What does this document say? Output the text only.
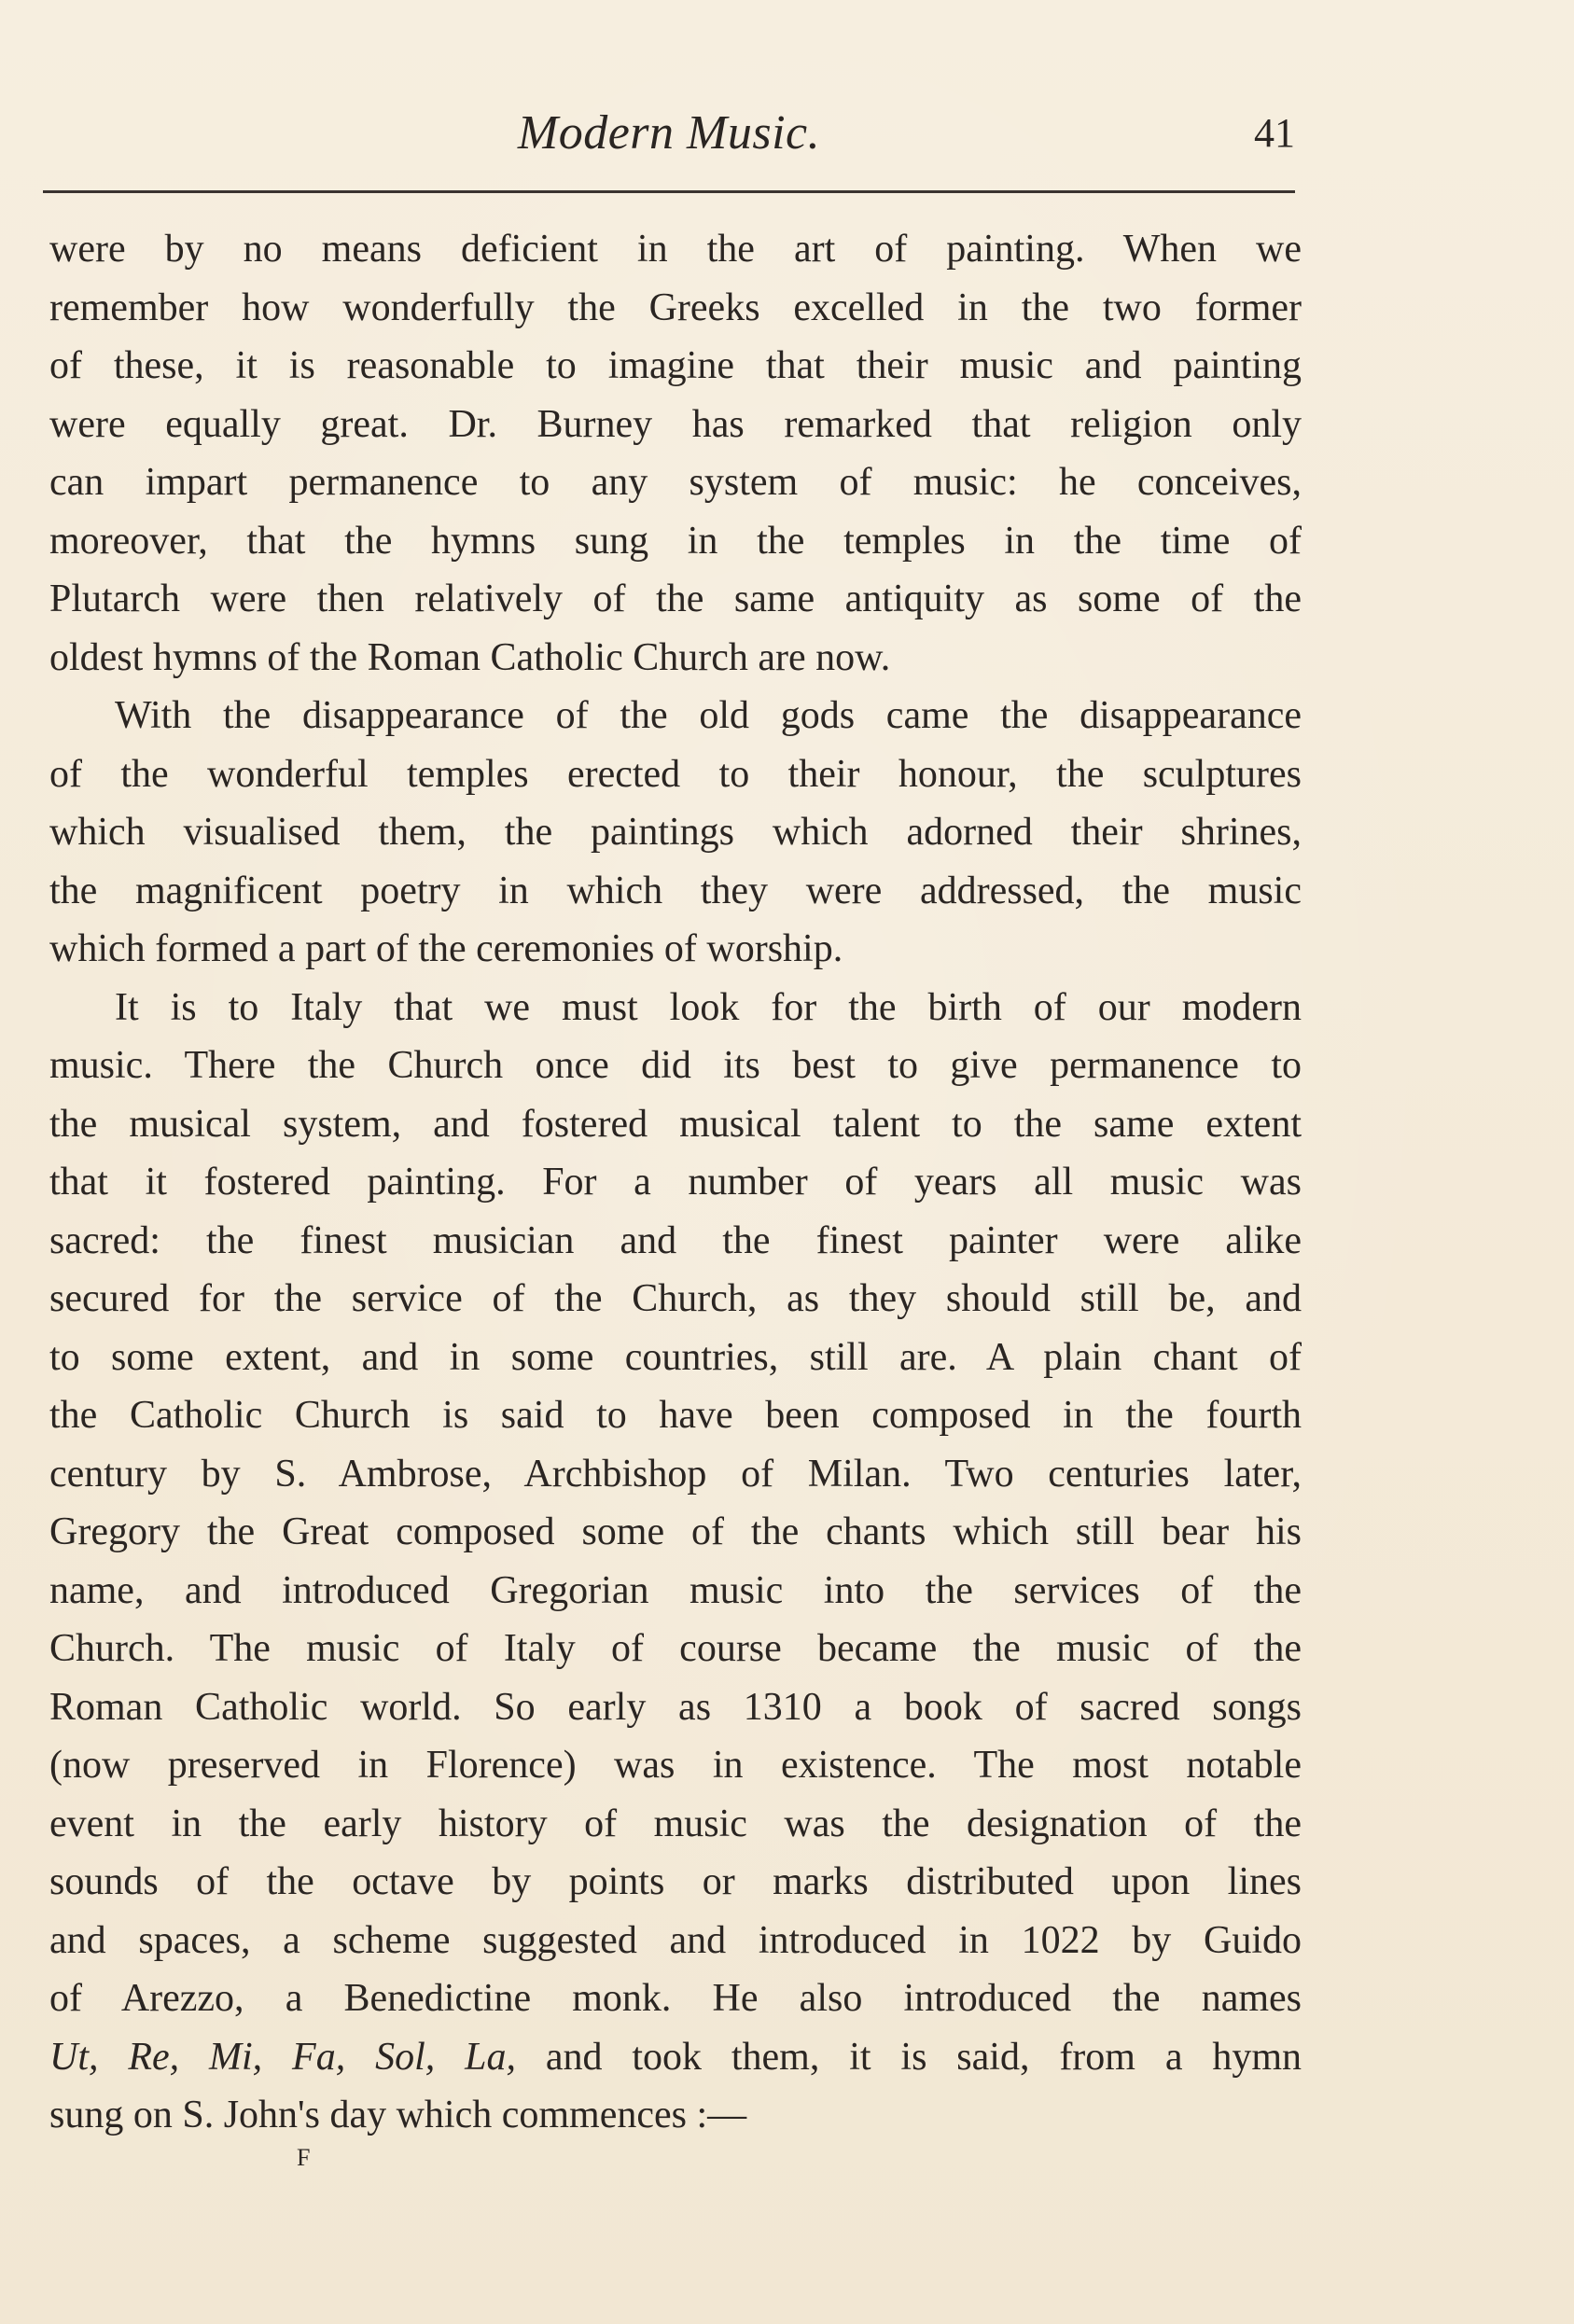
Modern Music.	41
were by no means deficient in the art of painting. When we
remember how wonderfully the Greeks excelled in the two former
of these, it is reasonable to imagine that their music and painting
were equally great. Dr. Burney has remarked that religion only
can impart permanence to any system of music: he conceives,
moreover, that the hymns sung in the temples in the time of
Plutarch were then relatively of the same antiquity as some of the
oldest hymns of the Roman Catholic Church are now.
With the disappearance of the old gods came the disappearance
of the wonderful temples erected to their honour, the sculptures
which visualised them, the paintings which adorned their shrines,
the magnificent poetry in which they were addressed, the music
which formed a part of the ceremonies of worship.
It is to Italy that we must look for the birth of our modern
music. There the Church once did its best to give permanence to
the musical system, and fostered musical talent to the same extent
that it fostered painting. For a number of years all music was
sacred: the finest musician and the finest painter were alike
secured for the service of the Church, as they should still be, and
to some extent, and in some countries, still are. A plain chant of
the Catholic Church is said to have been composed in the fourth
century by S. Ambrose, Archbishop of Milan. Two centuries later,
Gregory the Great composed some of the chants which still bear his
name, and introduced Gregorian music into the services of the
Church. The music of Italy of course became the music of the
Roman Catholic world. So early as 1310 a book of sacred songs
(now preserved in Florence) was in existence. The most notable
event in the early history of music was the designation of the
sounds of the octave by points or marks distributed upon lines
and spaces, a scheme suggested and introduced in 1022 by Guido
of Arezzo, a Benedictine monk. He also introduced the names
Ut, Re, Mi, Fa, Sol, La, and took them, it is said, from a hymn
sung on S. John's day which commences :—
F
